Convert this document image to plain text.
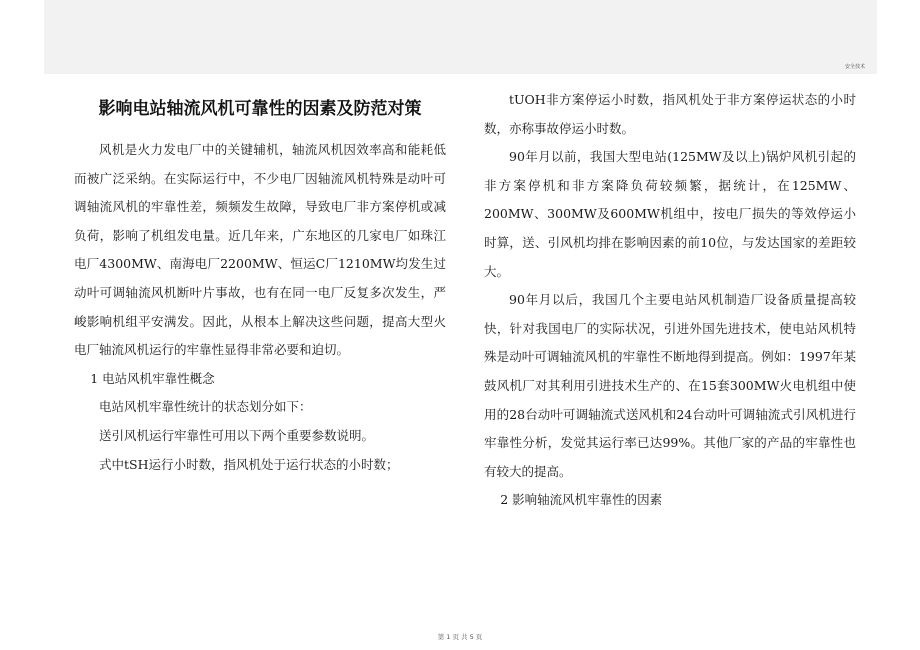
安全技术
影响电站轴流风机可靠性的因素及防范对策

风机是火力发电厂中的关键辅机，轴流风机因效率高和能耗低而被广泛采纳。在实际运行中，不少电厂因轴流风机特殊是动叶可调轴流风机的牢靠性差，频频发生故障，导致电厂非方案停机或减负荷，影响了机组发电量。近几年来，广东地区的几家电厂如珠江电厂4300MW、南海电厂2200MW、恒运C厂1210MW均发生过动叶可调轴流风机断叶片事故，也有在同一电厂反复多次发生，严峻影响机组平安满发。因此，从根本上解决这些问题，提高大型火电厂轴流风机运行的牢靠性显得非常必要和迫切。

1 电站风机牢靠性概念

电站风机牢靠性统计的状态划分如下：

送引风机运行牢靠性可用以下两个重要参数说明。

式中tSH运行小时数，指风机处于运行状态的小时数；

tUOH非方案停运小时数，指风机处于非方案停运状态的小时数，亦称事故停运小时数。

90年月以前，我国大型电站(125MW及以上)锅炉风机引起的非方案停机和非方案降负荷较频繁，据统计，在125MW、200MW、300MW及600MW机组中，按电厂损失的等效停运小时算，送、引风机均排在影响因素的前10位，与发达国家的差距较大。

90年月以后，我国几个主要电站风机制造厂设备质量提高较快，针对我国电厂的实际状况，引进外国先进技术，使电站风机特殊是动叶可调轴流风机的牢靠性不断地得到提高。例如：1997年某鼓风机厂对其利用引进技术生产的、在15套300MW火电机组中使用的28台动叶可调轴流式送风机和24台动叶可调轴流式引风机进行牢靠性分析，发觉其运行率已达99%。其他厂家的产品的牢靠性也有较大的提高。

2 影响轴流风机牢靠性的因素

第 1 页 共 5 页
